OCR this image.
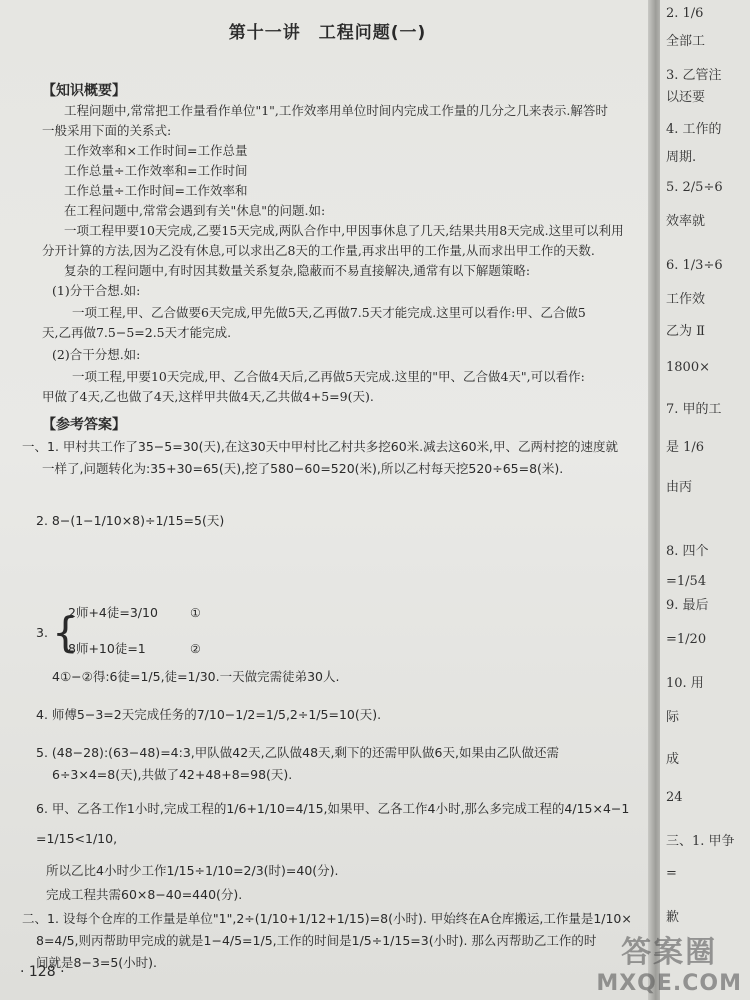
第十一讲　工程问题(一)
【知识概要】
工程问题中,常常把工作量看作单位"1",工作效率用单位时间内完成工作量的几分之几来表示.解答时
一般采用下面的关系式:
工作效率和×工作时间=工作总量
工作总量÷工作效率和=工作时间
工作总量÷工作时间=工作效率和
在工程问题中,常常会遇到有关"休息"的问题.如:
一项工程甲要10天完成,乙要15天完成,两队合作中,甲因事休息了几天,结果共用8天完成.这里可以利用
分开计算的方法,因为乙没有休息,可以求出乙8天的工作量,再求出甲的工作量,从而求出甲工作的天数.
复杂的工程问题中,有时因其数量关系复杂,隐蔽而不易直接解决,通常有以下解题策略:
(1)分干合想.如:
一项工程,甲、乙合做要6天完成,甲先做5天,乙再做7.5天才能完成.这里可以看作:甲、乙合做5
天,乙再做7.5−5=2.5天才能完成.
(2)合干分想.如:
一项工程,甲要10天完成,甲、乙合做4天后,乙再做5天完成.这里的"甲、乙合做4天",可以看作:
甲做了4天,乙也做了4天,这样甲共做4天,乙共做4+5=9(天).
【参考答案】
一、1. 甲村共工作了35−5=30(天),在这30天中甲村比乙村共多挖60米.减去这60米,甲、乙两村挖的速度就
一样了,问题转化为:35+30=65(天),挖了580−60=520(米),所以乙村每天挖520÷65=8(米).
2. 8−(1−1/10×8)÷1/15=5(天)
3. {
2师+4徒=3/10
8师+10徒=1
①
②
4①−②得:6徒=1/5,徒=1/30.一天做完需徒弟30人.
4. 师傅5−3=2天完成任务的7/10−1/2=1/5,2÷1/5=10(天).
5. (48−28):(63−48)=4:3,甲队做42天,乙队做48天,剩下的还需甲队做6天,如果由乙队做还需
6÷3×4=8(天),共做了42+48+8=98(天).
6. 甲、乙各工作1小时,完成工程的1/6+1/10=4/15,如果甲、乙各工作4小时,那么多完成工程的4/15×4−1
=1/15<1/10,
所以乙比4小时少工作1/15÷1/10=2/3(时)=40(分).
完成工程共需60×8−40=440(分).
二、1. 设每个仓库的工作量是单位"1",2÷(1/10+1/12+1/15)=8(小时). 甲始终在A仓库搬运,工作量是1/10×
8=4/5,则丙帮助甲完成的就是1−4/5=1/5,工作的时间是1/5÷1/15=3(小时). 那么丙帮助乙工作的时
间就是8−3=5(小时).
· 128 ·
2. 1/6
全部工
3. 乙管注
以还要
4. 工作的
周期.
5. 2/5÷6
效率就
6. 1/3÷6
工作效
乙为 Ⅱ
1800×
7. 甲的工
是 1/6
由丙
8. 四个
=1/54
9. 最后
=1/20
10. 用
际
成
24
三、1. 甲争
=
歉
答案圈
MXQE.COM
